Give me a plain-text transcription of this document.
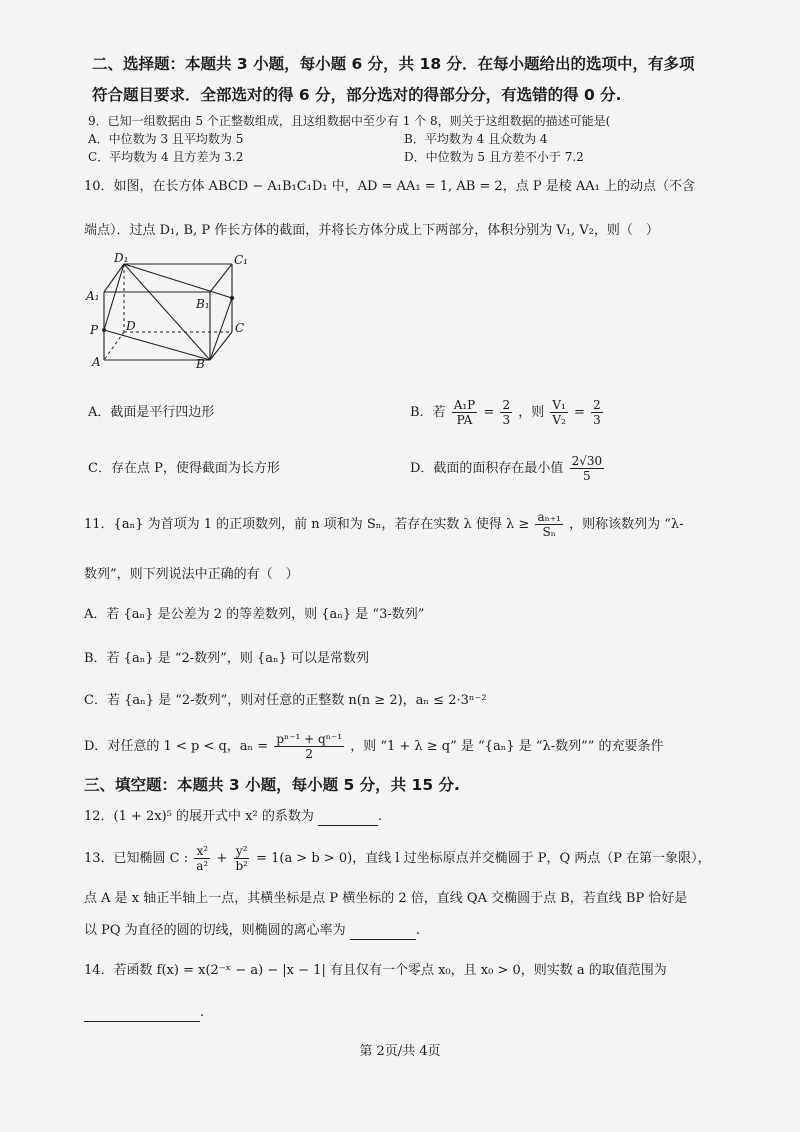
二、选择题：本题共 3 小题，每小题 6 分，共 18 分．在每小题给出的选项中，有多项
符合题目要求．全部选对的得 6 分，部分选对的得部分分，有选错的得 0 分.
9．已知一组数据由 5 个正整数组成，且这组数据中至少有 1 个 8，则关于这组数据的描述可能是(
A．中位数为 3 且平均数为 5	B．平均数为 4 且众数为 4
C．平均数为 4 且方差为 3.2	D．中位数为 5 且方差不小于 7.2
10．如图，在长方体 ABCD − A₁B₁C₁D₁ 中，AD = AA₁ = 1, AB = 2，点 P 是棱 AA₁ 上的动点（不含
端点）．过点 D₁, B, P 作长方体的截面，并将长方体分成上下两部分，体积分别为 V₁, V₂，则（　）
D₁	C₁
A₁
B₁
P D	C
A	B
A．截面是平行四边形	B．若 $\frac{\text{A₁P}}{PA} = \frac{2}{3}$ ，则 $\frac{\text{V₁}}{\text{V₂}} = \frac{2}{3}$
C．存在点 P，使得截面为长方形	D．截面的面积存在最小值 $\frac{2√30}{5}$
11．{aₙ} 为首项为 1 的正项数列，前 n 项和为 Sₙ，若存在实数 λ 使得 $\lambda \ge \frac{\text{aₙ₊₁}}{\text{Sₙ}}$ ，则称该数列为 “λ-
数列”，则下列说法中正确的有（　）
A．若 {aₙ} 是公差为 2 的等差数列，则 {aₙ} 是 “3-数列”
B．若 {aₙ} 是 “2-数列”，则 {aₙ} 可以是常数列
C．若 {aₙ} 是 “2-数列”，则对任意的正整数 n(n ≥ 2)，aₙ ≤ 2·3ⁿ⁻²
D．对任意的 1 < p < q，$a_n = \frac{\text{pⁿ⁻¹ + qⁿ⁻¹}}{2}$ ，则 “1 + λ ≥ q” 是 “{aₙ} 是 “λ-数列”” 的充要条件
三、填空题：本题共 3 小题，每小题 5 分，共 15 分.
12．(1 + 2x)⁵ 的展开式中 x² 的系数为	.
13．已知椭圆 C : $\frac{\text{x²}}{\text{a²}} + \frac{\text{y²}}{\text{b²}} = 1(a > b > 0)$，直线 l 过坐标原点并交椭圆于 P，Q 两点（P 在第一象限），
点 A 是 x 轴正半轴上一点，其横坐标是点 P 横坐标的 2 倍，直线 QA 交椭圆于点 B，若直线 BP 恰好是
以 PQ 为直径的圆的切线，则椭圆的离心率为	.
14．若函数 f(x) = x(2⁻ˣ − a) − |x − 1| 有且仅有一个零点 x₀，且 x₀ > 0，则实数 a 的取值范围为
.
第 2页/共 4页
